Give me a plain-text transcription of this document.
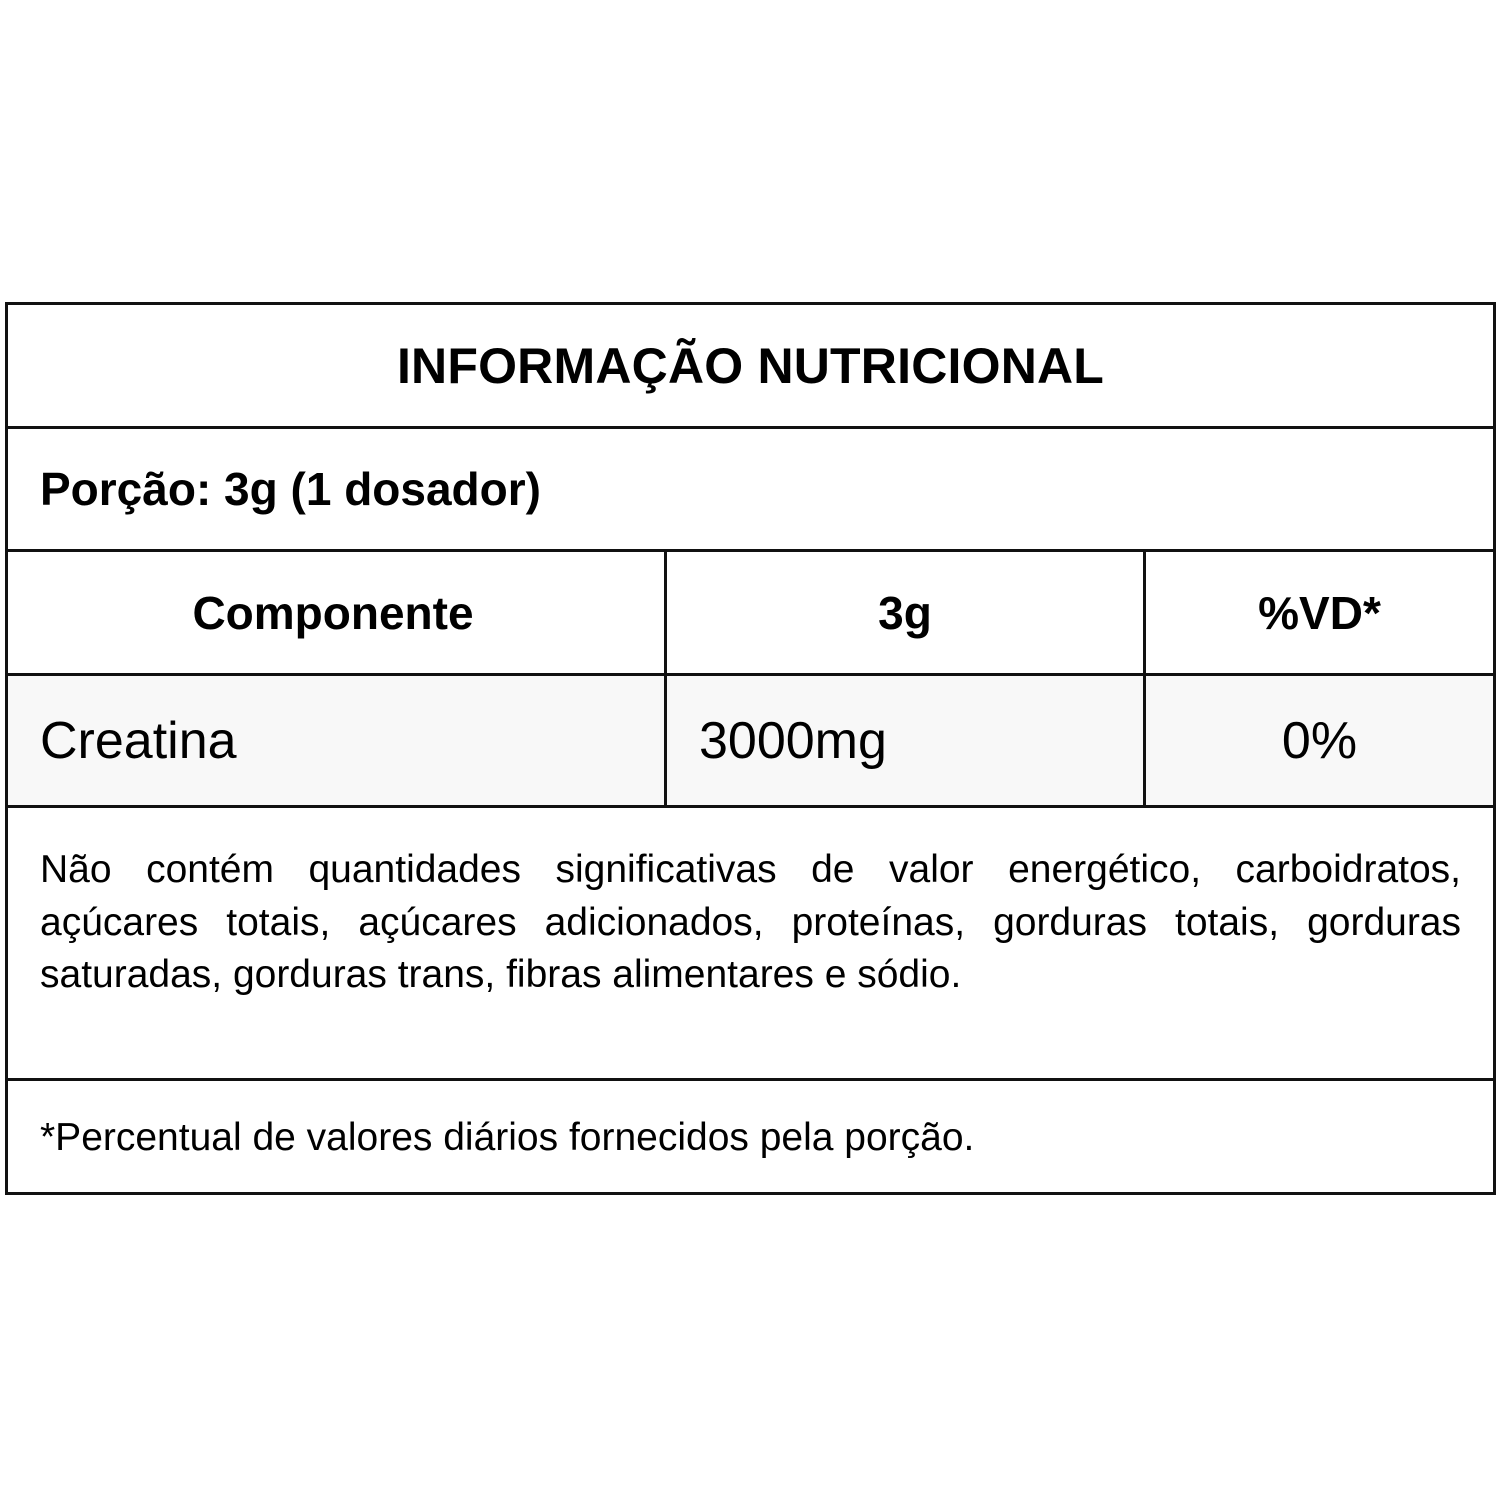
INFORMAÇÃO NUTRICIONAL
Porção: 3g (1 dosador)
Componente	3g	%VD*
Creatina	3000mg	0%

Não contém quantidades significativas de valor energético, carboidratos, açúcares totais, açúcares adicionados, proteínas, gorduras totais, gorduras saturadas, gorduras trans, fibras alimentares e sódio.

*Percentual de valores diários fornecidos pela porção.
